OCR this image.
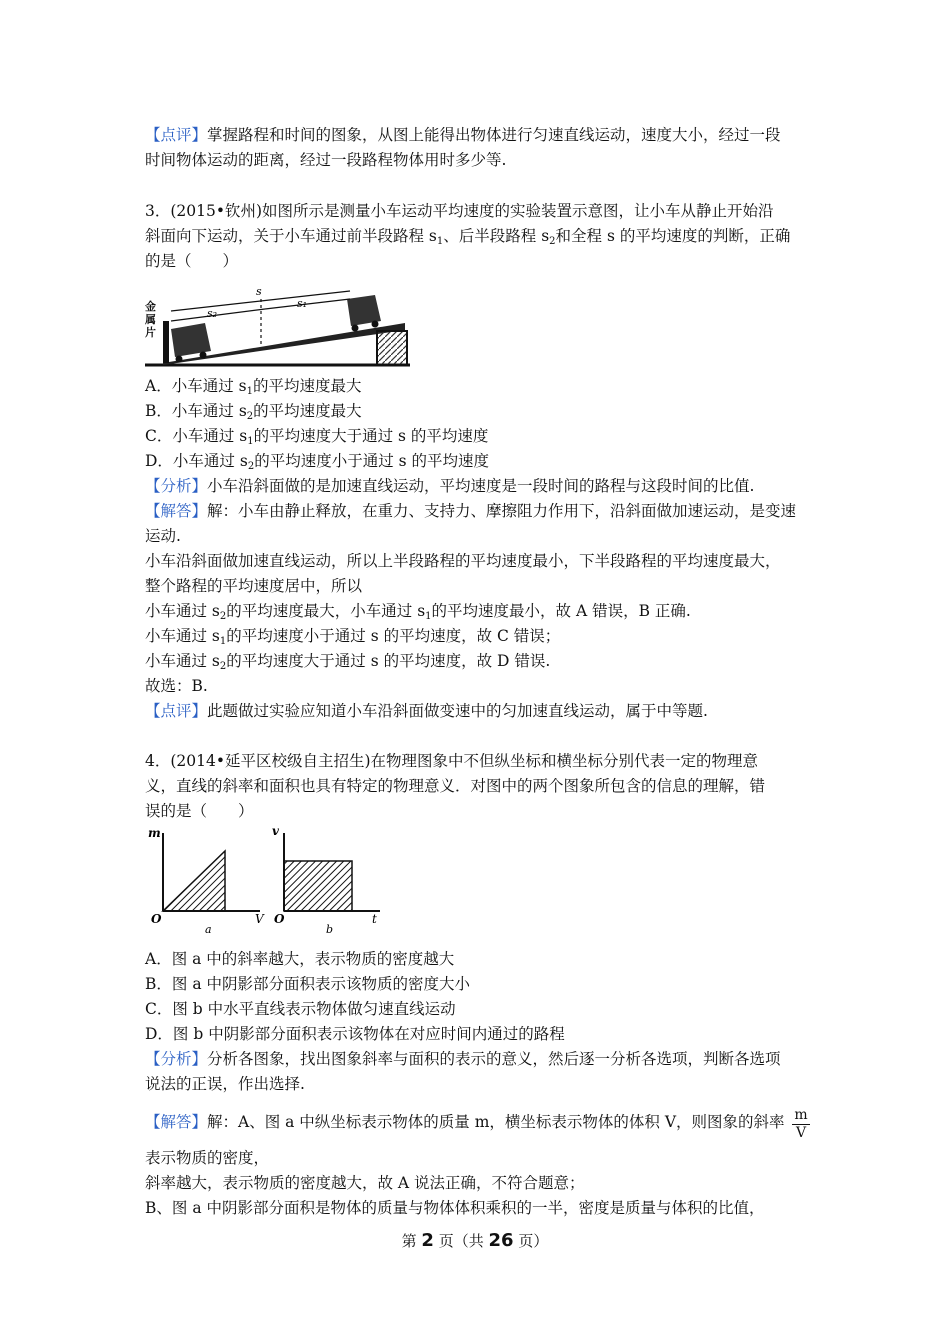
【点评】掌握路程和时间的图象，从图上能得出物体进行匀速直线运动，速度大小，经过一段
时间物体运动的距离，经过一段路程物体用时多少等.
3．(2015•钦州)如图所示是测量小车运动平均速度的实验装置示意图，让小车从静止开始沿
斜面向下运动，关于小车通过前半段路程 $s_1$、后半段路程 $s_2$和全程 s 的平均速度的判断，正确
的是（　　）
s
s₂
s₁
金属片
A．小车通过 $s_1$的平均速度最大
B．小车通过 $s_2$的平均速度最大
C．小车通过 $s_1$的平均速度大于通过 s 的平均速度
D．小车通过 $s_2$的平均速度小于通过 s 的平均速度
【分析】小车沿斜面做的是加速直线运动，平均速度是一段时间的路程与这段时间的比值.
【解答】解：小车由静止释放，在重力、支持力、摩擦阻力作用下，沿斜面做加速运动，是变速
运动.
小车沿斜面做加速直线运动，所以上半段路程的平均速度最小，下半段路程的平均速度最大，
整个路程的平均速度居中，所以
小车通过 $s_2$的平均速度最大，小车通过 $s_1$的平均速度最小，故 A 错误，B 正确.
小车通过 $s_1$的平均速度小于通过 s 的平均速度，故 C 错误；
小车通过 $s_2$的平均速度大于通过 s 的平均速度，故 D 错误.
故选：B.
【点评】此题做过实验应知道小车沿斜面做变速中的匀加速直线运动，属于中等题.
4．(2014•延平区校级自主招生)在物理图象中不但纵坐标和横坐标分别代表一定的物理意
义，直线的斜率和面积也具有特定的物理意义．对图中的两个图象所包含的信息的理解，错
误的是（　　）
m
V
O
a
v
t
O
b
A．图 a 中的斜率越大，表示物质的密度越大
B．图 a 中阴影部分面积表示该物质的密度大小
C．图 b 中水平直线表示物体做匀速直线运动
D．图 b 中阴影部分面积表示该物体在对应时间内通过的路程
【分析】分析各图象，找出图象斜率与面积的表示的意义，然后逐一分析各选项，判断各选项
说法的正误，作出选择.
【解答】解：A、图 a 中纵坐标表示物体的质量 m，横坐标表示物体的体积 V，则图象的斜率 m
V
表示物质的密度，
斜率越大，表示物质的密度越大，故 A 说法正确，不符合题意；
B、图 a 中阴影部分面积是物体的质量与物体体积乘积的一半，密度是质量与体积的比值，
第 2 页（共 26 页）
